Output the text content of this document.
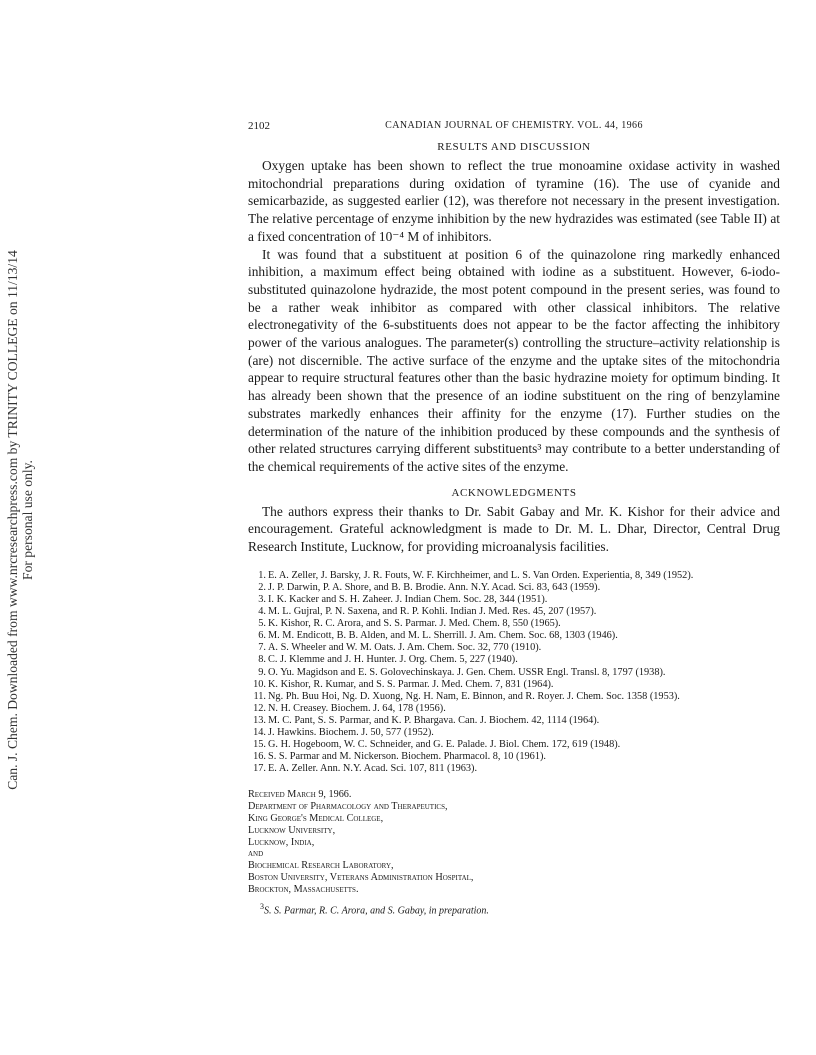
Can. J. Chem. Downloaded from www.nrcresearchpress.com by TRINITY COLLEGE on 11/13/14 For personal use only.
2102	CANADIAN JOURNAL OF CHEMISTRY. VOL. 44, 1966
RESULTS AND DISCUSSION

Oxygen uptake has been shown to reflect the true monoamine oxidase activity in washed mitochondrial preparations during oxidation of tyramine (16). The use of cyanide and semicarbazide, as suggested earlier (12), was therefore not necessary in the present investigation. The relative percentage of enzyme inhibition by the new hydrazides was estimated (see Table II) at a fixed concentration of 10⁻⁴ M of inhibitors.

It was found that a substituent at position 6 of the quinazolone ring markedly enhanced inhibition, a maximum effect being obtained with iodine as a substituent. However, 6-iodo-substituted quinazolone hydrazide, the most potent compound in the present series, was found to be a rather weak inhibitor as compared with other classical inhibitors. The relative electronegativity of the 6-substituents does not appear to be the factor affecting the inhibitory power of the various analogues. The parameter(s) controlling the structure–activity relationship is (are) not discernible. The active surface of the enzyme and the uptake sites of the mitochondria appear to require structural features other than the basic hydrazine moiety for optimum binding. It has already been shown that the presence of an iodine substituent on the ring of benzylamine substrates markedly enhances their affinity for the enzyme (17). Further studies on the determination of the nature of the inhibition produced by these compounds and the synthesis of other related structures carrying different substituents³ may contribute to a better understanding of the chemical requirements of the active sites of the enzyme.

ACKNOWLEDGMENTS

The authors express their thanks to Dr. Sabit Gabay and Mr. K. Kishor for their advice and encouragement. Grateful acknowledgment is made to Dr. M. L. Dhar, Director, Central Drug Research Institute, Lucknow, for providing microanalysis facilities.

1. E. A. Zeller, J. Barsky, J. R. Fouts, W. F. Kirchheimer, and L. S. Van Orden. Experientia, 8, 349 (1952).
2. J. P. Darwin, P. A. Shore, and B. B. Brodie. Ann. N.Y. Acad. Sci. 83, 643 (1959).
3. I. K. Kacker and S. H. Zaheer. J. Indian Chem. Soc. 28, 344 (1951).
4. M. L. Gujral, P. N. Saxena, and R. P. Kohli. Indian J. Med. Res. 45, 207 (1957).
5. K. Kishor, R. C. Arora, and S. S. Parmar. J. Med. Chem. 8, 550 (1965).
6. M. M. Endicott, B. B. Alden, and M. L. Sherrill. J. Am. Chem. Soc. 68, 1303 (1946).
7. A. S. Wheeler and W. M. Oats. J. Am. Chem. Soc. 32, 770 (1910).
8. C. J. Klemme and J. H. Hunter. J. Org. Chem. 5, 227 (1940).
9. O. Yu. Magidson and E. S. Golovechinskaya. J. Gen. Chem. USSR Engl. Transl. 8, 1797 (1938).
10. K. Kishor, R. Kumar, and S. S. Parmar. J. Med. Chem. 7, 831 (1964).
11. Ng. Ph. Buu Hoi, Ng. D. Xuong, Ng. H. Nam, E. Binnon, and R. Royer. J. Chem. Soc. 1358 (1953).
12. N. H. Creasey. Biochem. J. 64, 178 (1956).
13. M. C. Pant, S. S. Parmar, and K. P. Bhargava. Can. J. Biochem. 42, 1114 (1964).
14. J. Hawkins. Biochem. J. 50, 577 (1952).
15. G. H. Hogeboom, W. C. Schneider, and G. E. Palade. J. Biol. Chem. 172, 619 (1948).
16. S. S. Parmar and M. Nickerson. Biochem. Pharmacol. 8, 10 (1961).
17. E. A. Zeller. Ann. N.Y. Acad. Sci. 107, 811 (1963).
Received March 9, 1966.
Department of Pharmacology and Therapeutics,
King George's Medical College,
Lucknow University,
Lucknow, India,
and
Biochemical Research Laboratory,
Boston University, Veterans Administration Hospital,
Brockton, Massachusetts.
$^3$S. S. Parmar, R. C. Arora, and S. Gabay, in preparation.
